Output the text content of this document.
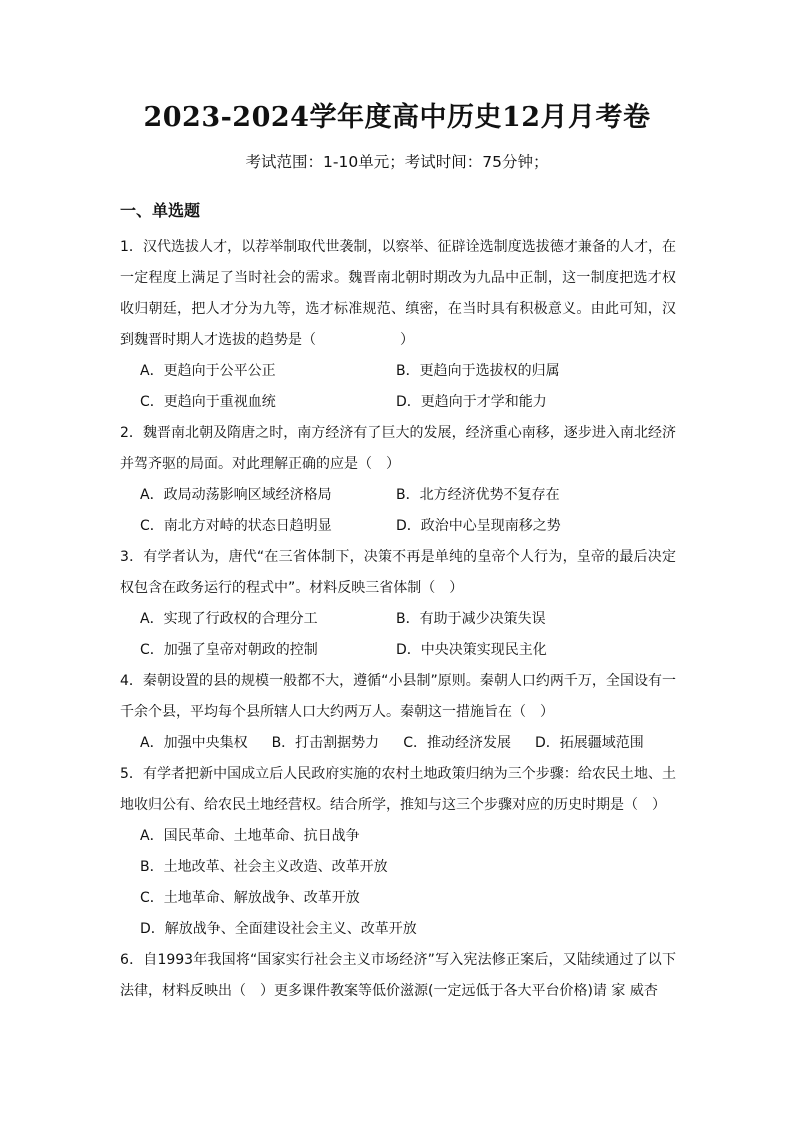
2023-2024学年度高中历史12月月考卷
考试范围：1-10单元；考试时间：75分钟；
一、单选题

1．汉代选拔人才，以荐举制取代世袭制，以察举、征辟诠选制度选拔德才兼备的人才，在一定程度上满足了当时社会的需求。魏晋南北朝时期改为九品中正制，这一制度把选才权收归朝廷，把人才分为九等，选才标准规范、缜密，在当时具有积极意义。由此可知，汉到魏晋时期人才选拔的趋势是（　　　　　　）

A．更趋向于公平公正	B．更趋向于选拔权的归属
C．更趋向于重视血统	D．更趋向于才学和能力

2．魏晋南北朝及隋唐之时，南方经济有了巨大的发展，经济重心南移，逐步进入南北经济并驾齐驱的局面。对此理解正确的应是（　）

A．政局动荡影响区域经济格局	B．北方经济优势不复存在
C．南北方对峙的状态日趋明显	D．政治中心呈现南移之势

3．有学者认为，唐代“在三省体制下，决策不再是单纯的皇帝个人行为，皇帝的最后决定权包含在政务运行的程式中”。材料反映三省体制（　）

A．实现了行政权的合理分工	B．有助于减少决策失误
C．加强了皇帝对朝政的控制	D．中央决策实现民主化

4．秦朝设置的县的规模一般都不大，遵循“小县制”原则。秦朝人口约两千万，全国设有一千余个县，平均每个县所辖人口大约两万人。秦朝这一措施旨在（　）

A．加强中央集权 B．打击割据势力 C．推动经济发展 D．拓展疆域范围

5．有学者把新中国成立后人民政府实施的农村土地政策归纳为三个步骤：给农民土地、土地收归公有、给农民土地经营权。结合所学，推知与这三个步骤对应的历史时期是（　）

A．国民革命、土地革命、抗日战争
B．土地改革、社会主义改造、改革开放
C．土地革命、解放战争、改革开放
D．解放战争、全面建设社会主义、改革开放

6．自1993年我国将“国家实行社会主义市场经济”写入宪法修正案后，又陆续通过了以下法律，材料反映出（　）更多课件教案等低价滋源(一定远低于各大平台价格)请 家 威杏
